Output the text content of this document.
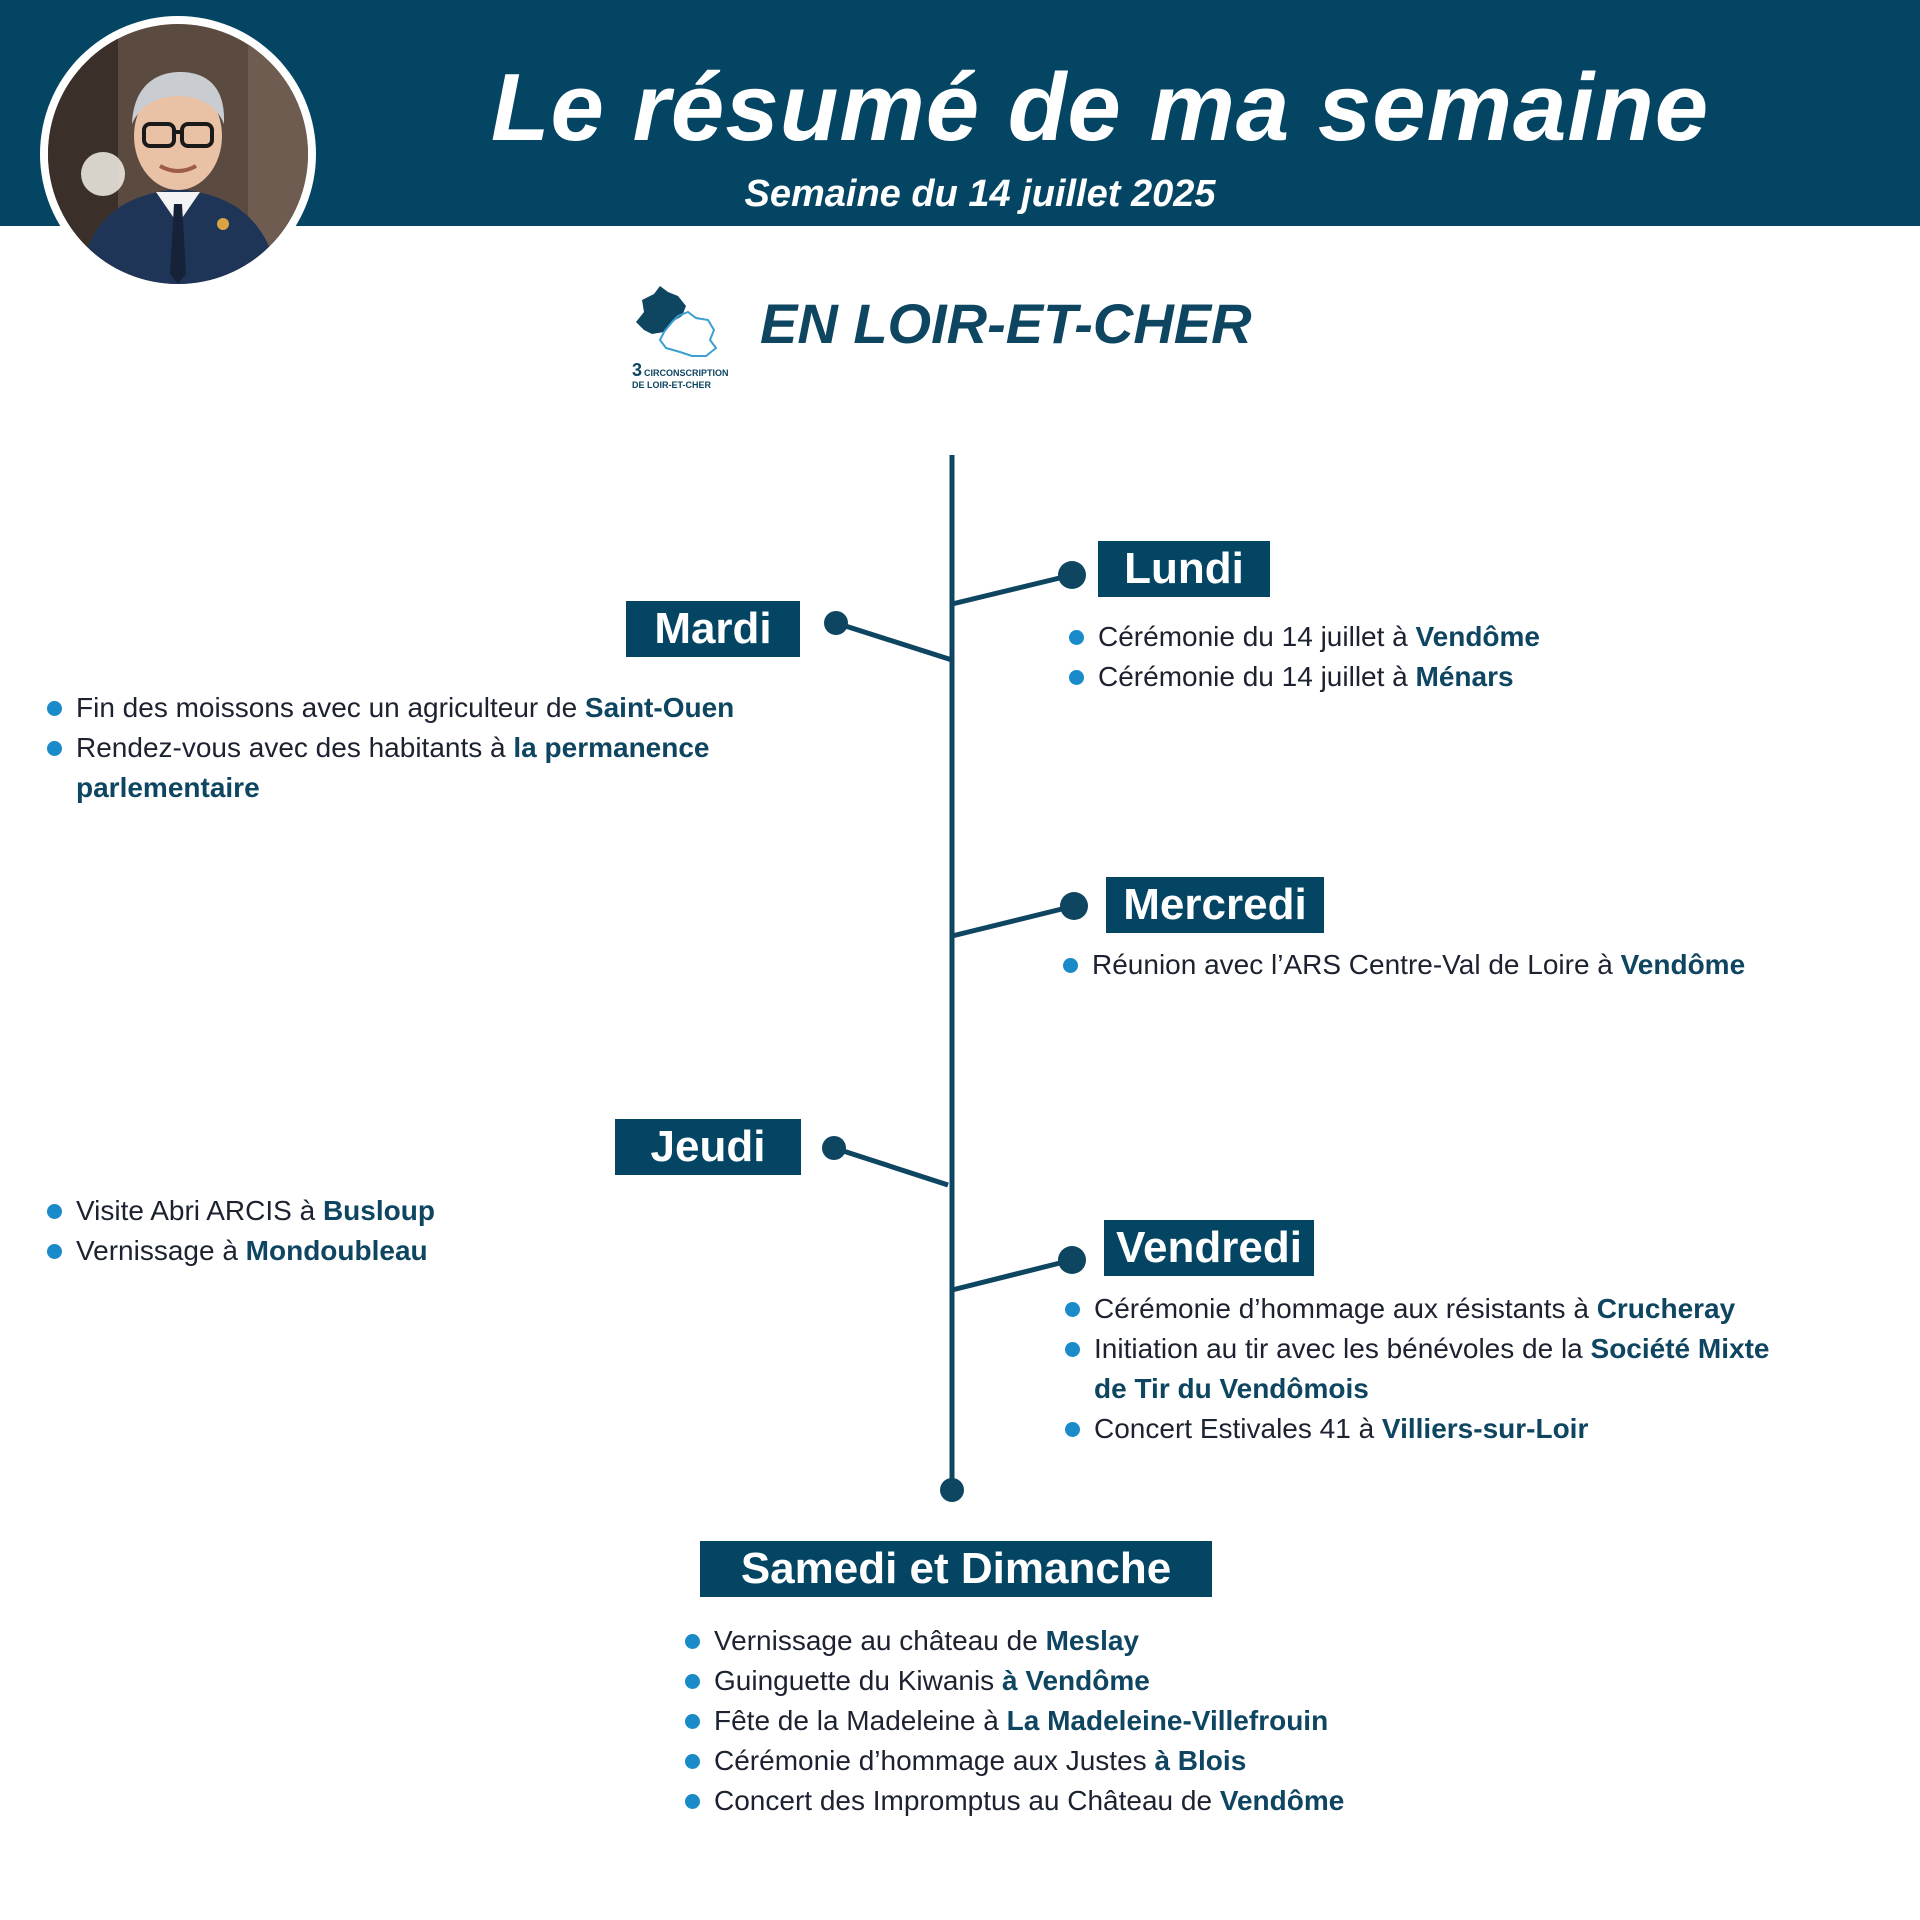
Le résumé de ma semaine
Semaine du 14 juillet 2025
3 CIRCONSCRIPTION
DE LOIR-ET-CHER
EN LOIR-ET-CHER
Lundi
Cérémonie du 14 juillet à Vendôme
Cérémonie du 14 juillet à Ménars
Mardi
Fin des moissons avec un agriculteur de Saint-Ouen
Rendez-vous avec des habitants à la permanence parlementaire
Mercredi
Réunion avec l’ARS Centre-Val de Loire à Vendôme
Jeudi
Visite Abri ARCIS à Busloup
Vernissage à Mondoubleau	Vendredi
Cérémonie d’hommage aux résistants à Crucheray
Initiation au tir avec les bénévoles de la Société Mixte de Tir du Vendômois
Concert Estivales 41 à Villiers-sur-Loir
Samedi et Dimanche
Vernissage au château de Meslay
Guinguette du Kiwanis à Vendôme
Fête de la Madeleine à La Madeleine-Villefrouin
Cérémonie d’hommage aux Justes à Blois
Concert des Impromptus au Château de Vendôme
